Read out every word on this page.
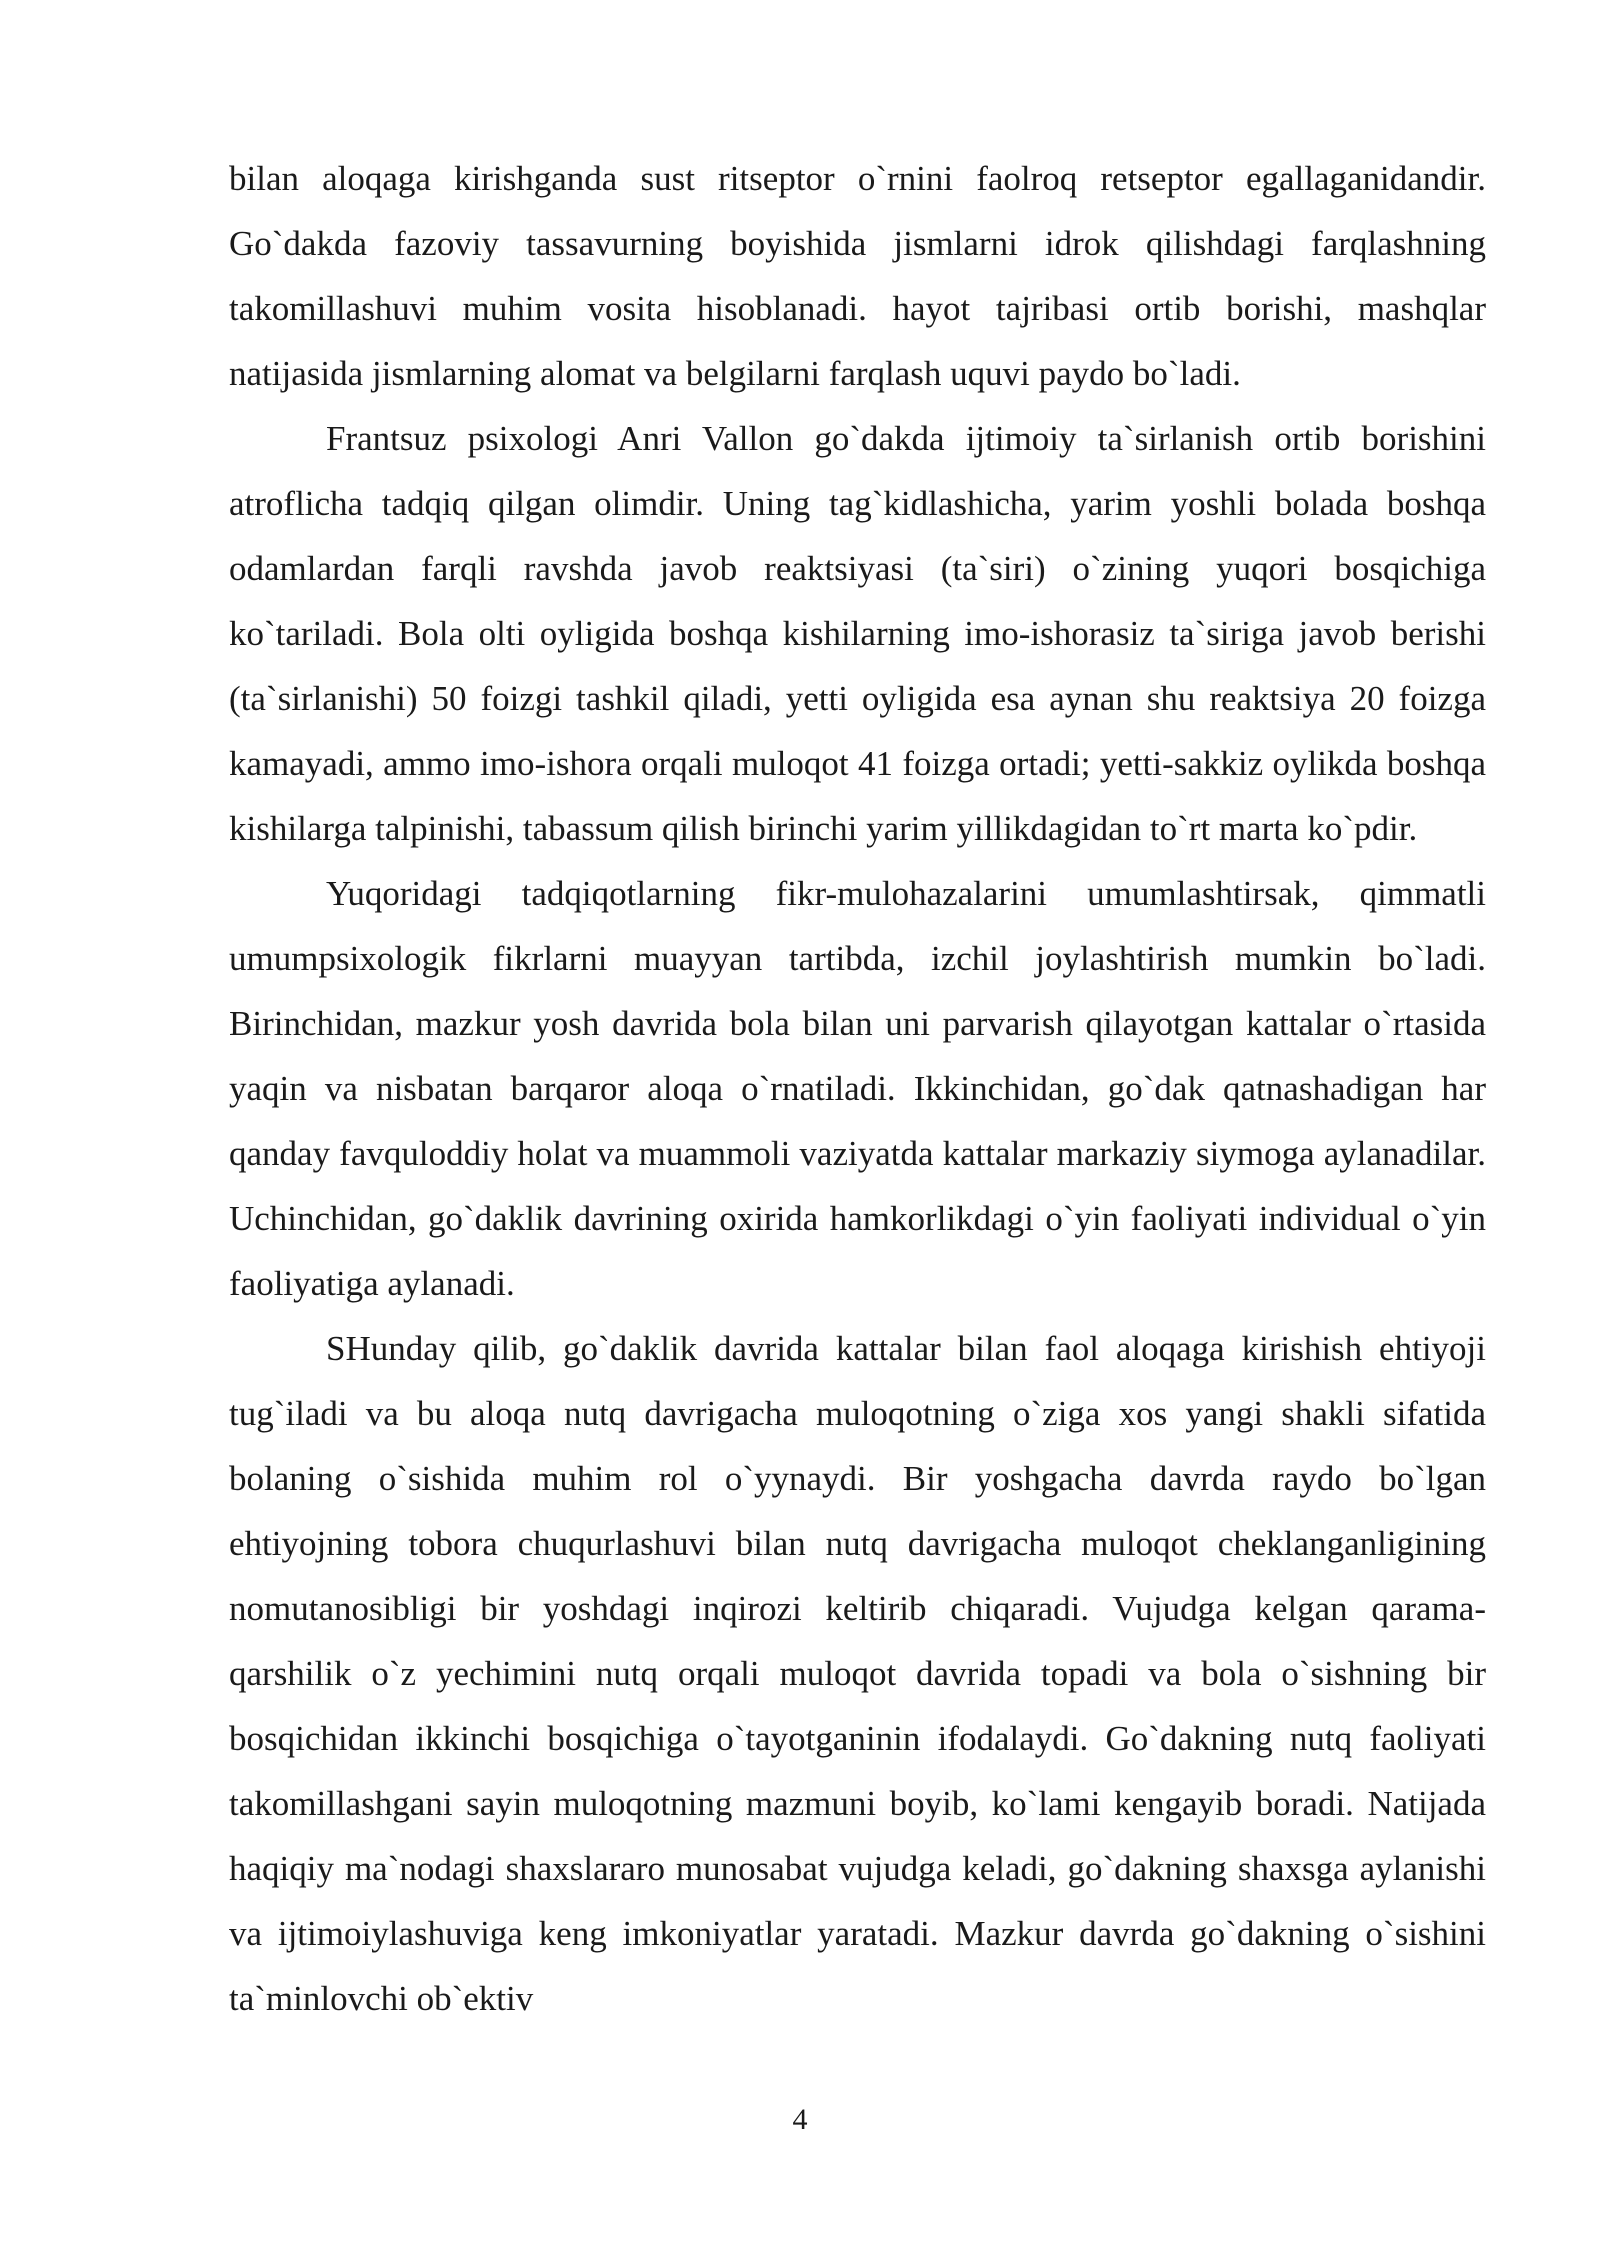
bilan aloqaga kirishganda sust ritseptor o`rnini faolroq retseptor egallaganidandir. Go`dakda fazoviy tassavurning boyishida jismlarni idrok qilishdagi farqlashning takomillashuvi muhim vosita hisoblanadi. hayot tajribasi ortib borishi, mashqlar natijasida jismlarning alomat va belgilarni farqlash uquvi paydo bo`ladi.

Frantsuz psixologi Anri Vallon go`dakda ijtimoiy ta`sirlanish ortib borishini atroflicha tadqiq qilgan olimdir. Uning tag`kidlashicha, yarim yoshli bolada boshqa odamlardan farqli ravshda javob reaktsiyasi (ta`siri) o`zining yuqori bosqichiga ko`tariladi. Bola olti oyligida boshqa kishilarning imo-ishorasiz ta`siriga javob berishi (ta`sirlanishi) 50 foizgi tashkil qiladi, yetti oyligida esa aynan shu reaktsiya 20 foizga kamayadi, ammo imo-ishora orqali muloqot 41 foizga ortadi; yetti-sakkiz oylikda boshqa kishilarga talpinishi, tabassum qilish birinchi yarim yillikdagidan to`rt marta ko`pdir.

Yuqoridagi tadqiqotlarning fikr-mulohazalarini umumlashtirsak, qimmatli umumpsixologik fikrlarni muayyan tartibda, izchil joylashtirish mumkin bo`ladi. Birinchidan, mazkur yosh davrida bola bilan uni parvarish qilayotgan kattalar o`rtasida yaqin va nisbatan barqaror aloqa o`rnatiladi. Ikkinchidan, go`dak qatnashadigan har qanday favquloddiy holat va muammoli vaziyatda kattalar markaziy siymoga aylanadilar. Uchinchidan, go`daklik davrining oxirida hamkorlikdagi o`yin faoliyati individual o`yin faoliyatiga aylanadi.

SHunday qilib, go`daklik davrida kattalar bilan faol aloqaga kirishish ehtiyoji tug`iladi va bu aloqa nutq davrigacha muloqotning o`ziga xos yangi shakli sifatida bolaning o`sishida muhim rol o`yynaydi. Bir yoshgacha davrda raydo bo`lgan ehtiyojning tobora chuqurlashuvi bilan nutq davrigacha muloqot cheklanganligining nomutanosibligi bir yoshdagi inqirozi keltirib chiqaradi. Vujudga kelgan qarama-qarshilik o`z yechimini nutq orqali muloqot davrida topadi va bola o`sishning bir bosqichidan ikkinchi bosqichiga o`tayotganinin ifodalaydi. Go`dakning nutq faoliyati takomillashgani sayin muloqotning mazmuni boyib, ko`lami kengayib boradi. Natijada haqiqiy ma`nodagi shaxslararo munosabat vujudga keladi, go`dakning shaxsga aylanishi va ijtimoiylashuviga keng imkoniyatlar yaratadi. Mazkur davrda go`dakning o`sishini ta`minlovchi ob`ektiv

4
